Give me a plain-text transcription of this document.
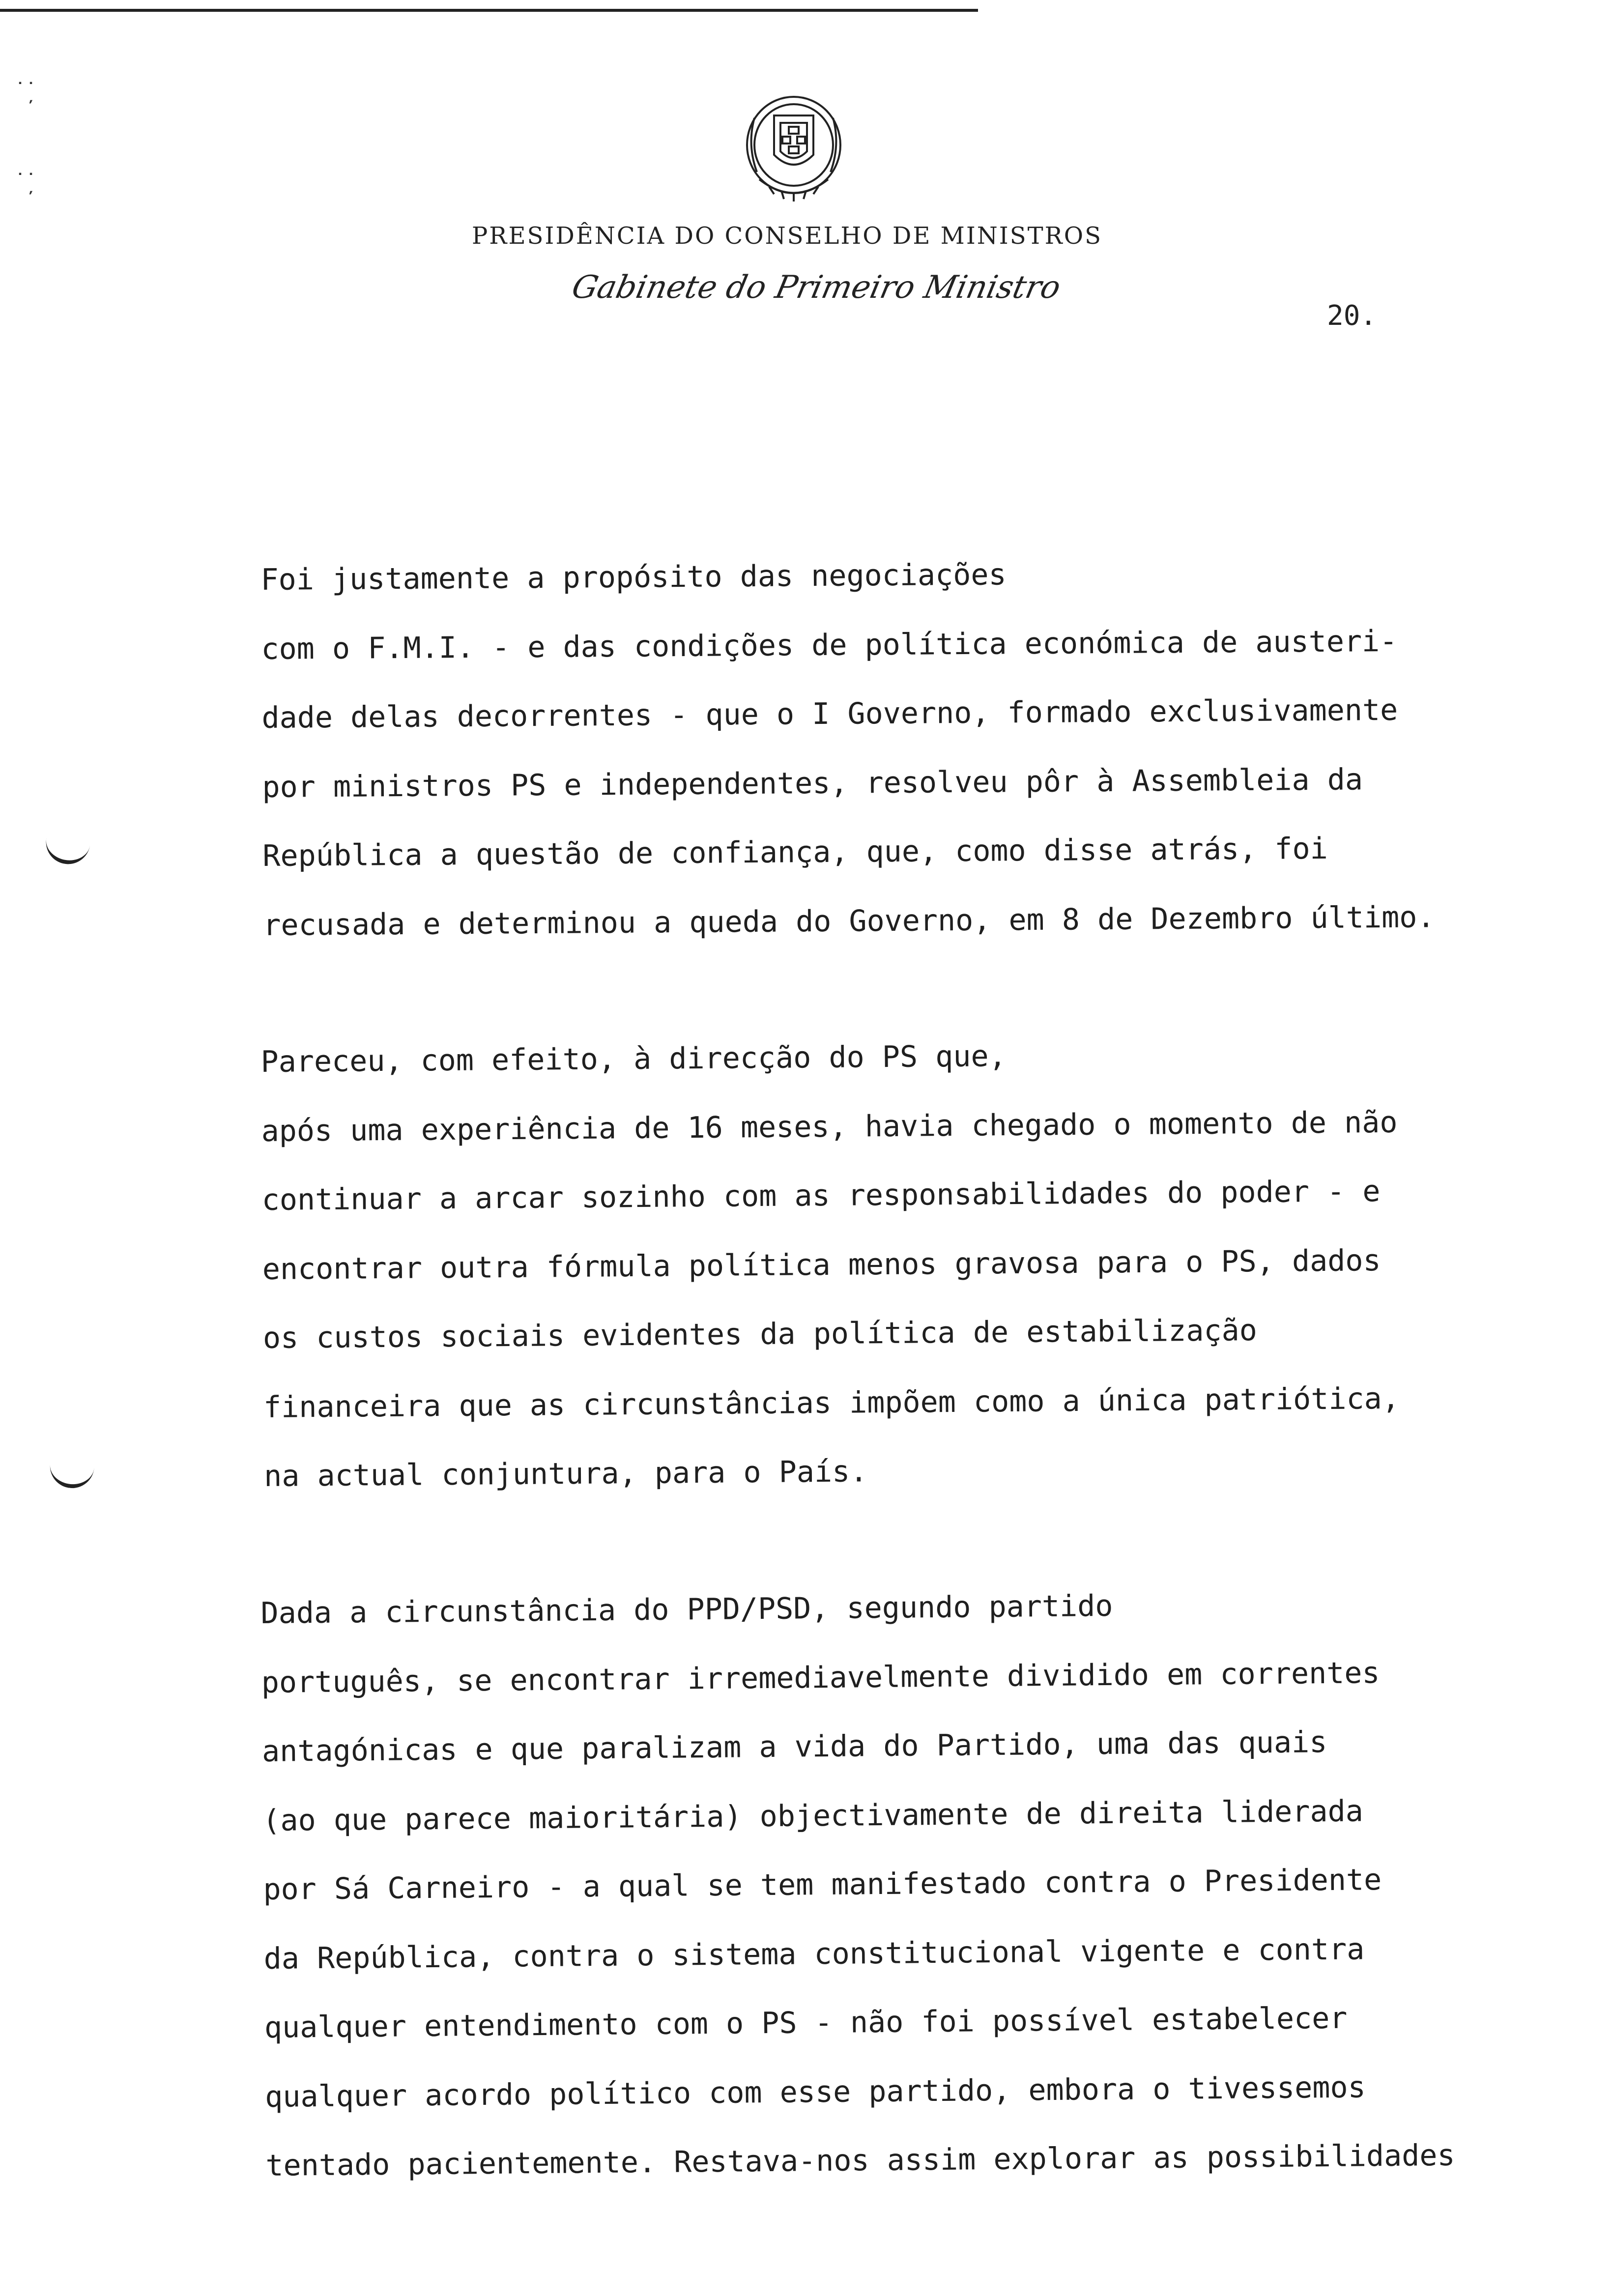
˙˙̦
˙˙̦
PRESIDÊNCIA DO CONSELHO DE MINISTROS
Gabinete do Primeiro Ministro
20.

Foi justamente a propósito das negociações
com o F.M.I. - e das condições de política económica de austeri-
dade delas decorrentes - que o I Governo, formado exclusivamente
por ministros PS e independentes, resolveu pôr à Assembleia da
República a questão de confiança, que, como disse atrás, foi
recusada e determinou a queda do Governo, em 8 de Dezembro último.

Pareceu, com efeito, à direcção do PS que,
após uma experiência de 16 meses, havia chegado o momento de não
continuar a arcar sozinho com as responsabilidades do poder - e
encontrar outra fórmula política menos gravosa para o PS, dados
os custos sociais evidentes da política de estabilização
financeira que as circunstâncias impõem como a única patriótica,
na actual conjuntura, para o País.

Dada a circunstância do PPD/PSD, segundo partido
português, se encontrar irremediavelmente dividido em correntes
antagónicas e que paralizam a vida do Partido, uma das quais
(ao que parece maioritária) objectivamente de direita liderada
por Sá Carneiro - a qual se tem manifestado contra o Presidente
da República, contra o sistema constitucional vigente e contra
qualquer entendimento com o PS - não foi possível estabelecer
qualquer acordo político com esse partido, embora o tivessemos
tentado pacientemente. Restava-nos assim explorar as possibilidades
